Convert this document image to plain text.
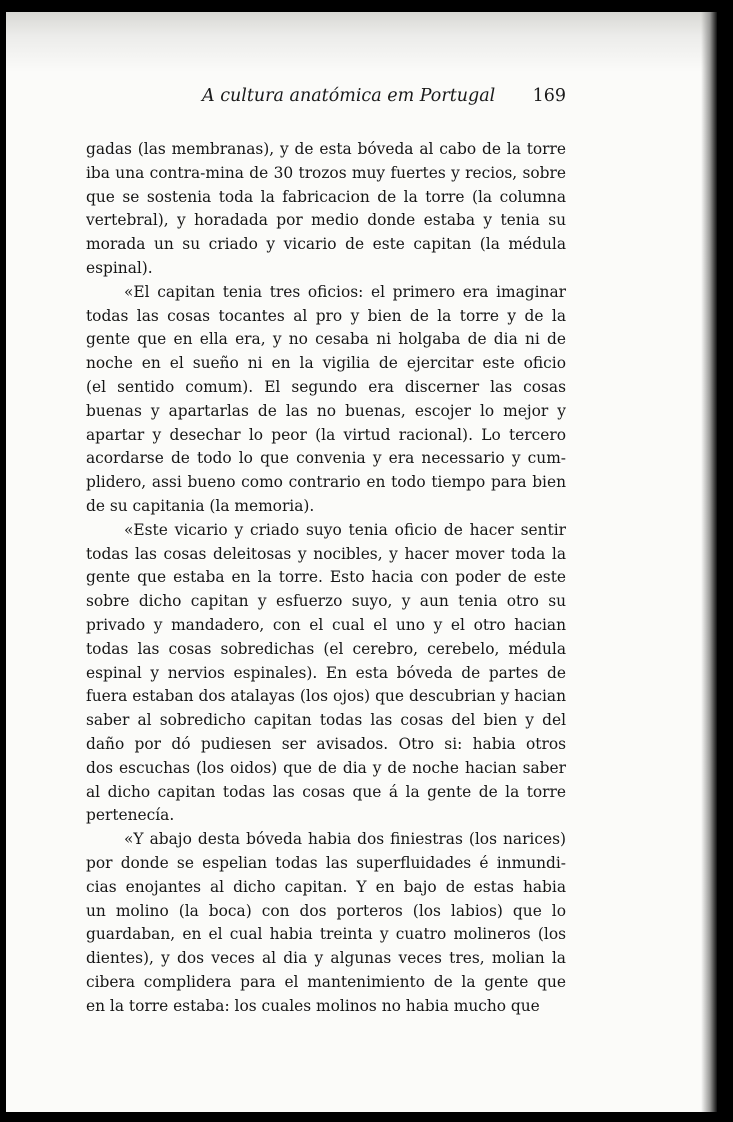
A cultura anatómica em Portugal 169
gadas (las membranas), y de esta bóveda al cabo de la torre
iba una contra-mina de 30 trozos muy fuertes y recios, sobre
que se sostenia toda la fabricacion de la torre (la columna
vertebral), y horadada por medio donde estaba y tenia su
morada un su criado y vicario de este capitan (la médula
espinal).
«El capitan tenia tres oficios: el primero era imaginar
todas las cosas tocantes al pro y bien de la torre y de la
gente que en ella era, y no cesaba ni holgaba de dia ni de
noche en el sueño ni en la vigilia de ejercitar este oficio
(el sentido comum). El segundo era discerner las cosas
buenas y apartarlas de las no buenas, escojer lo mejor y
apartar y desechar lo peor (la virtud racional). Lo tercero
acordarse de todo lo que convenia y era necessario y cum-
plidero, assi bueno como contrario en todo tiempo para bien
de su capitania (la memoria).
«Este vicario y criado suyo tenia oficio de hacer sentir
todas las cosas deleitosas y nocibles, y hacer mover toda la
gente que estaba en la torre. Esto hacia con poder de este
sobre dicho capitan y esfuerzo suyo, y aun tenia otro su
privado y mandadero, con el cual el uno y el otro hacian
todas las cosas sobredichas (el cerebro, cerebelo, médula
espinal y nervios espinales). En esta bóveda de partes de
fuera estaban dos atalayas (los ojos) que descubrian y hacian
saber al sobredicho capitan todas las cosas del bien y del
daño por dó pudiesen ser avisados. Otro si: habia otros
dos escuchas (los oidos) que de dia y de noche hacian saber
al dicho capitan todas las cosas que á la gente de la torre
pertenecía.
«Y abajo desta bóveda habia dos finiestras (los narices)
por donde se espelian todas las superfluidades é inmundi-
cias enojantes al dicho capitan. Y en bajo de estas habia
un molino (la boca) con dos porteros (los labios) que lo
guardaban, en el cual habia treinta y cuatro molineros (los
dientes), y dos veces al dia y algunas veces tres, molian la
cibera complidera para el mantenimiento de la gente que
en la torre estaba: los cuales molinos no habia mucho que
